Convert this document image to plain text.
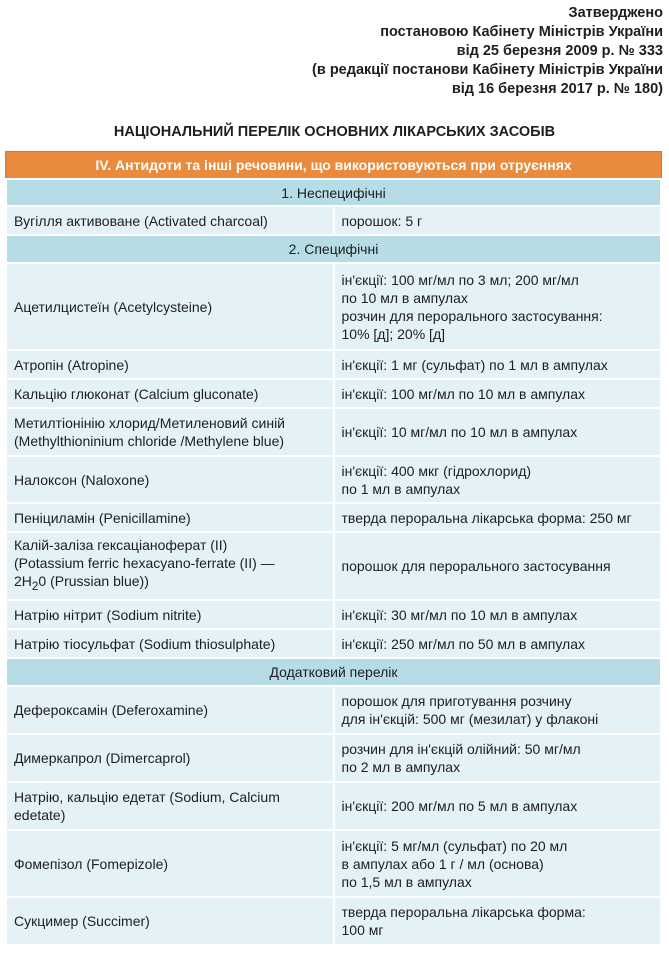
Затверджено
постановою Кабінету Міністрів України
від 25 березня 2009 р. № 333
(в редакції постанови Кабінету Міністрів України
від 16 березня 2017 р. № 180)
НАЦІОНАЛЬНИЙ ПЕРЕЛІК ОСНОВНИХ ЛІКАРСЬКИХ ЗАСОБІВ
IV. Антидоти та інші речовини, що використовуються при отруєннях
1. Неспецифічні	
Вугілля активоване (Activated charcoal)	порошок: 5 г
2. Специфічні	
Ацетилцистеїн (Acetylcysteine)	ін'єкції: 100 мг/мл по 3 мл; 200 мг/мл
по 10 мл в ампулах
розчин для перорального застосування:
10% [д]; 20% [д]

Атропін (Atropine)	ін'єкції: 1 мг (сульфат) по 1 мл в ампулах
Кальцію глюконат (Calcium gluconate)	ін'єкції: 100 мг/мл по 10 мл в ампулах

Метилтіонінію хлорид/Метиленовий синій
(Methylthioninium chloride /Methylene blue)	ін'єкції: 10 мг/мл по 10 мл в ампулах
Налоксон (Naloxone)	ін'єкції: 400 мкг (гідрохлорид)
по 1 мл в ампулах

Пеніциламін (Penicillamine)	тверда пероральна лікарська форма: 250 мг

Калій-заліза гексаціаноферат (II)
(Potassium ferric hexacyano-ferrate (II) —
$2H_20$ (Prussian blue))	порошок для перорального застосування
Натрію нітрит (Sodium nitrite)	ін'єкції: 30 мг/мл по 10 мл в ампулах
Натрію тіосульфат (Sodium thiosulphate)	ін'єкції: 250 мг/мл по 50 мл в ампулах
Додатковий перелік	
Дефероксамін (Deferoxamine)	порошок для приготування розчину
для ін'єкцій: 500 мг (мезилат) у флаконі

Димеркапрол (Dimercaprol)	розчин для ін'єкцій олійний: 50 мг/мл
по 2 мл в ампулах

Натрію, кальцію едетат (Sodium, Calcium
edetate)	ін'єкції: 200 мг/мл по 5 мл в ампулах
Фомепізол (Fomepizole)	ін'єкції: 5 мг/мл (сульфат) по 20 мл
в ампулах або 1 г / мл (основа)
по 1,5 мл в ампулах

Сукцимер (Succimer)	тверда пероральна лікарська форма:
100 мг
